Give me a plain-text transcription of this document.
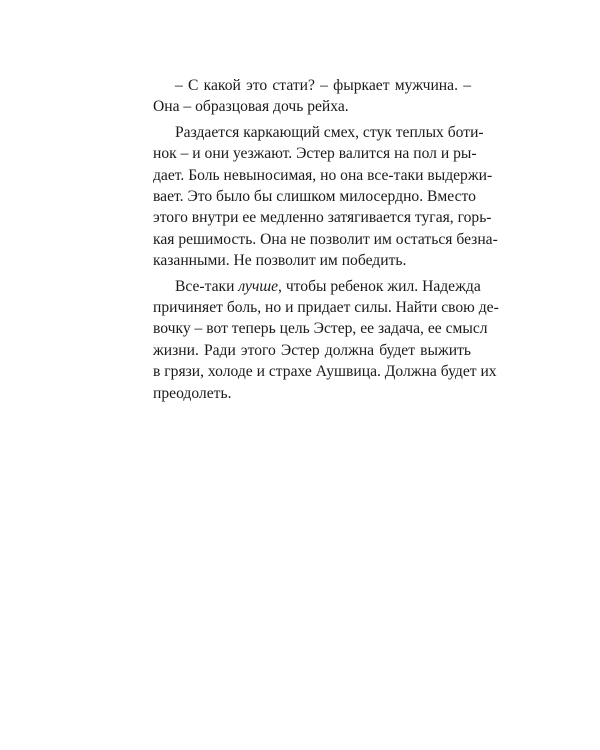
– С какой это стати? – фыркает мужчина. –
Она – образцовая дочь рейха.

Раздается каркающий смех, стук теплых боти-
нок – и они уезжают. Эстер валится на пол и ры-
дает. Боль невыносимая, но она все-таки выдержи-
вает. Это было бы слишком милосердно. Вместо
этого внутри ее медленно затягивается тугая, горь-
кая решимость. Она не позволит им остаться безна-
казанными. Не позволит им победить.

Все-таки лучше, чтобы ребенок жил. Надежда
причиняет боль, но и придает силы. Найти свою де-
вочку – вот теперь цель Эстер, ее задача, ее смысл
жизни. Ради этого Эстер должна будет выжить
в грязи, холоде и страхе Аушвица. Должна будет их
преодолеть.
